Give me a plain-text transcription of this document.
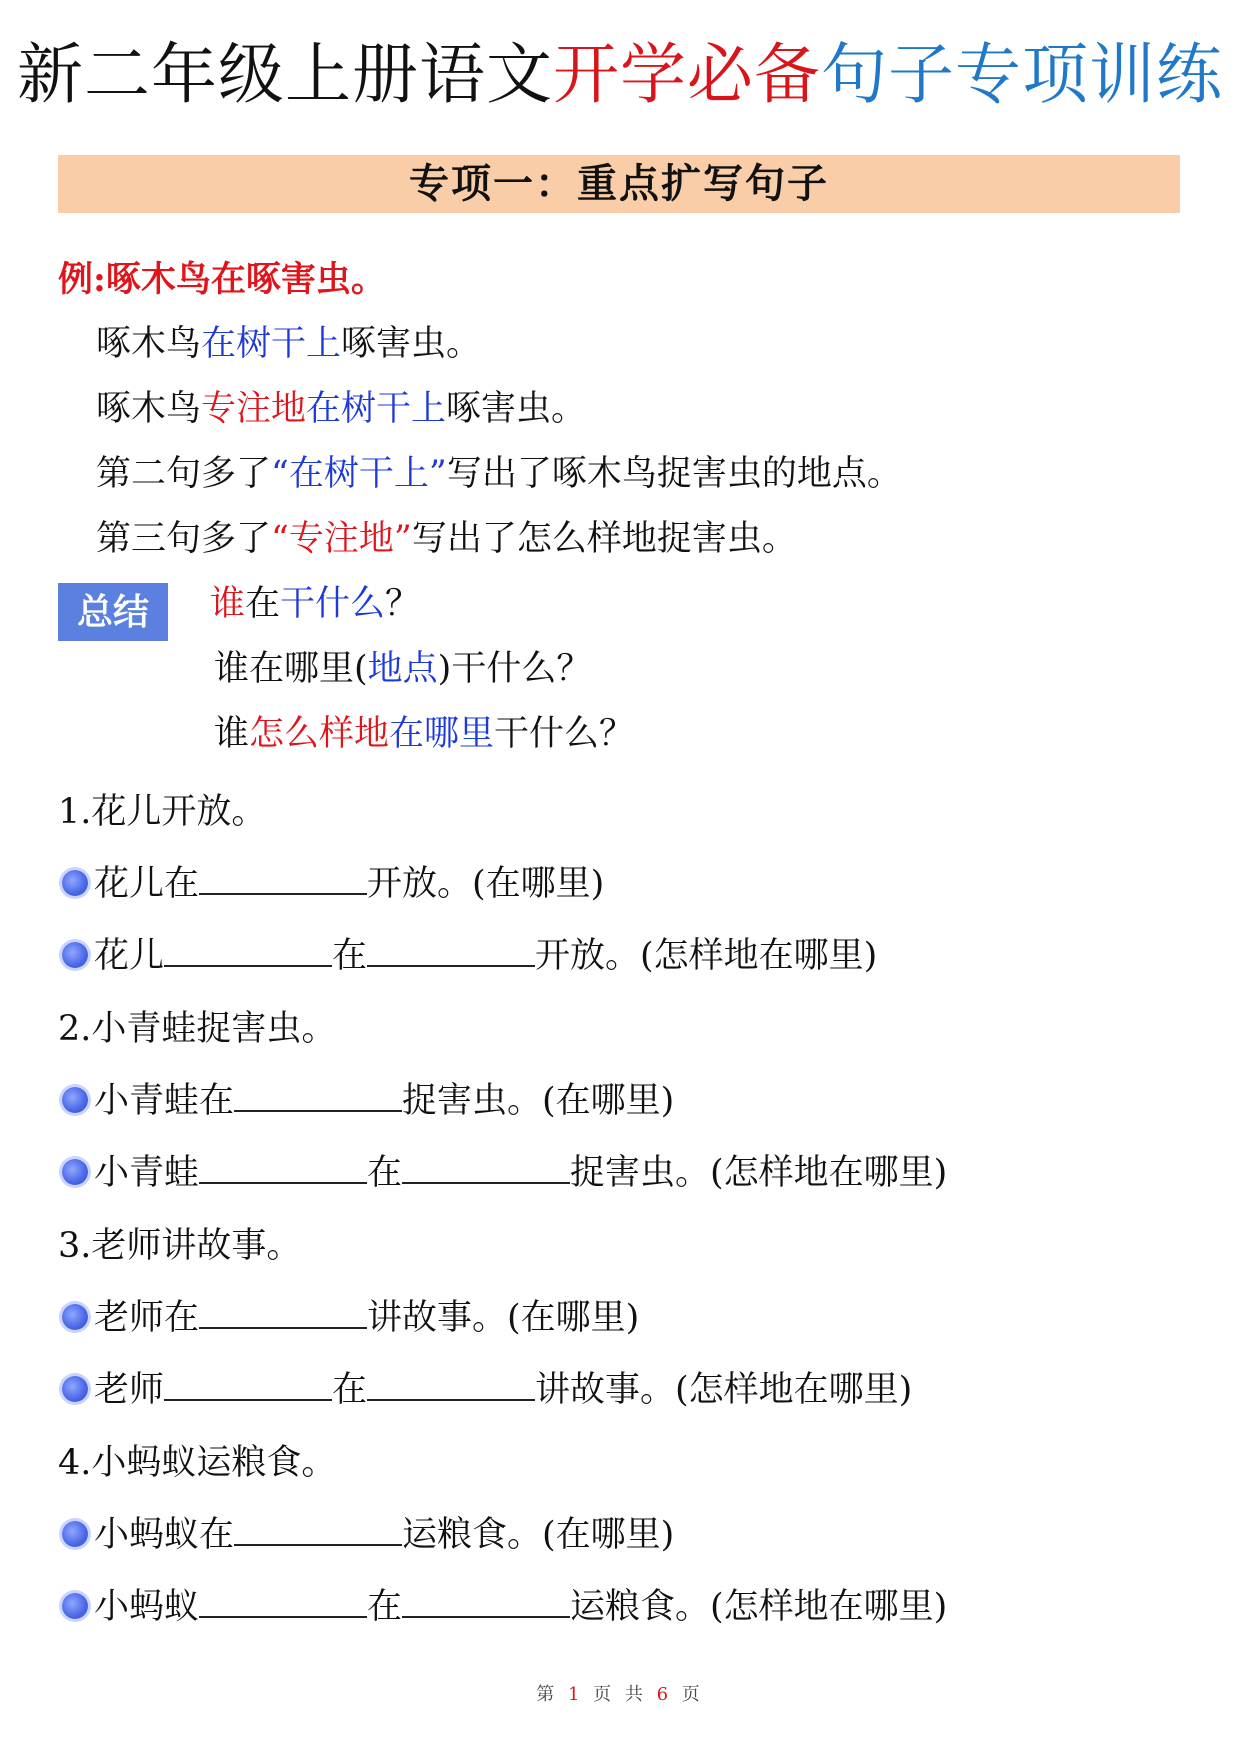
新二年级上册语文开学必备句子专项训练
专项一：重点扩写句子
例:啄木鸟在啄害虫。
啄木鸟在树干上啄害虫。
啄木鸟专注地在树干上啄害虫。
第二句多了“在树干上”写出了啄木鸟捉害虫的地点。
第三句多了“专注地”写出了怎么样地捉害虫。
总结	谁在干什么？
谁在哪里(地点)干什么？
谁怎么样地在哪里干什么？
1.花儿开放。
花儿在	开放。(在哪里)
花儿	在	开放。(怎样地在哪里)
2.小青蛙捉害虫。
小青蛙在	捉害虫。(在哪里)
小青蛙	在	捉害虫。(怎样地在哪里)
3.老师讲故事。
老师在	讲故事。(在哪里)
老师	在	讲故事。(怎样地在哪里)
4.小蚂蚁运粮食。
小蚂蚁在	运粮食。(在哪里)
小蚂蚁	在	运粮食。(怎样地在哪里)
第 1 页 共 6 页
